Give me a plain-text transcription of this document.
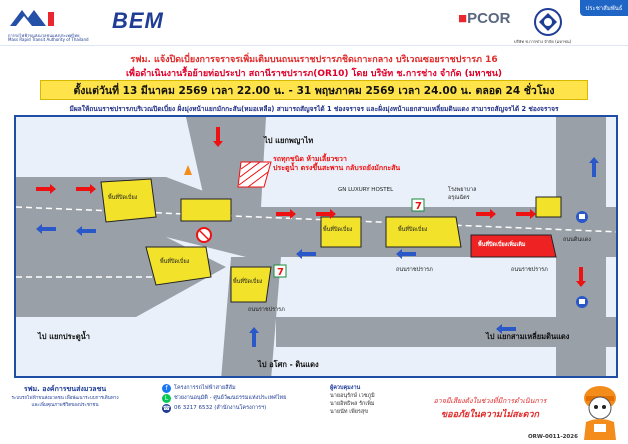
การรถไฟฟ้าขนส่งมวลชนแห่งประเทศไทย
Mass Rapid Transit Authority of Thailand
BEM	■PCOR
บริษัท ช.การช่าง จำกัด (มหาชน)
ประชาสัมพันธ์
รฟม. แจ้งปิดเบี่ยงการจราจรเพิ่มเติมบนถนนราชปรารภชิดเกาะกลาง บริเวณซอยราชปรารภ 16
เพื่อดำเนินงานรื้อย้ายท่อประปา สถานีราชปรารภ(OR10) โดย บริษัท ช.การช่าง จำกัด (มหาชน)
ตั้งแต่วันที่ 13 มีนาคม 2569 เวลา 22.00 น. - 31 พฤษภาคม 2569 เวลา 24.00 น. ตลอด 24 ชั่วโมง
มีผลให้ถนนราชปรารภบริเวณปิดเบี่ยง ฝั่งมุ่งหน้าแยกมักกะสัน(หมอเหลือ) สามารถสัญจรได้ 1 ช่องจราจร และฝั่งมุ่งหน้าแยกสามเหลี่ยมดินแดง สามารถสัญจรได้ 2 ช่องจราจร
7
7
ไป แยกพญาไท
รถทุกชนิด ห้ามเลี้ยวขวา
ประตูน้ำ ตรงขึ้นสะพาน กลับรถยังมักกะสัน
ไป แยกประตูน้ำ	ไป แยกสามเหลี่ยมดินแดง
ไป อโศก - ดินแดง
พื้นที่ปิดเบี่ยง
พื้นที่ปิดเบี่ยง
พื้นที่ปิดเบี่ยง
พื้นที่ปิดเบี่ยง	พื้นที่ปิดเบี่ยง
พื้นที่ปิดเบี่ยงเพิ่มเติม
GN LUXURY HOSTEL	โรงพยาบาล
อรุณฉัตร
ถนนราชปรารภ
ถนนราชปรารภ
ถนนดินแดง
ถนนราชปรารภ
รฟม. องค์การขนส่งมวลชน
ระบบรถไฟฟ้าขนส่งมวลชน เพื่อพัฒนาระบบการเดินทาง
และเพิ่มคุณภาพชีวิตของประชาชน
f	โครงการรถไฟฟ้าสายสีส้ม
L	ช่วยงานอนุมัติ - ศูนย์วัฒนธรรมแห่งประเทศไทย
☎ 06 3217 6532 (สำนักงานโครงการฯ)
ผู้ควบคุมงาน
นายอนุรักษ์ เวชภูมิ
นายอิทธิพล รักเพิ่ม
นายนัท เพียรสุข
อาจมีเสียงดังในช่วงที่มีการดำเนินการ
ขออภัยในความไม่สะดวก
ORW-0011-2026
